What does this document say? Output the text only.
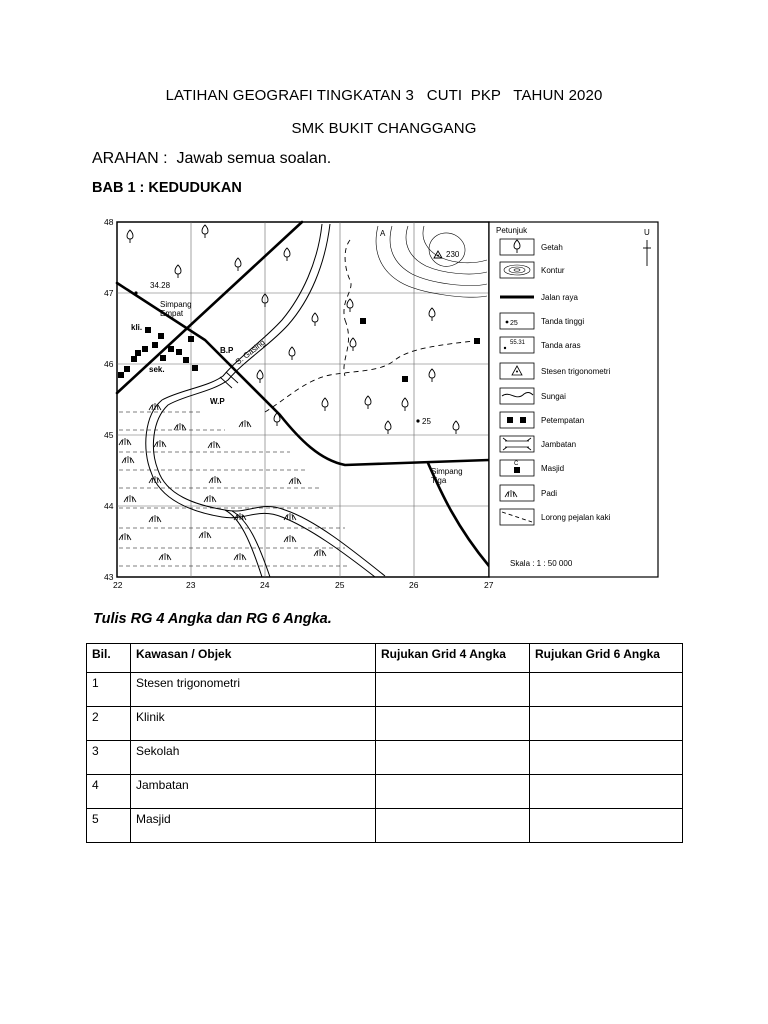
LATIHAN GEOGRAFI TINGKATAN 3   CUTI  PKP   TAHUN 2020
SMK BUKIT CHANGGANG
ARAHAN :  Jawab semua soalan.
BAB 1 : KEDUDUKAN
22	23	24	25	26	27
48
47
46
45
44
43
34.28
Simpang
Empat
kli.
sek.
B.P
W.P
S. Gasing
25
230
Simpang
Tiga
A	Petunjuk	U
25
55.31
C
Getah
Kontur
Jalan raya
Tanda tinggi
Tanda aras
Stesen trigonometri
Sungai
Petempatan
Jambatan
Masjid
Padi
Lorong pejalan kaki
Skala : 1 : 50 000
Tulis RG 4 Angka dan RG 6 Angka.
Bil.	Kawasan / Objek	Rujukan Grid 4 Angka	Rujukan Grid 6 Angka
1	Stesen trigonometri		
2	Klinik		
3	Sekolah		
4	Jambatan		
5	Masjid		
